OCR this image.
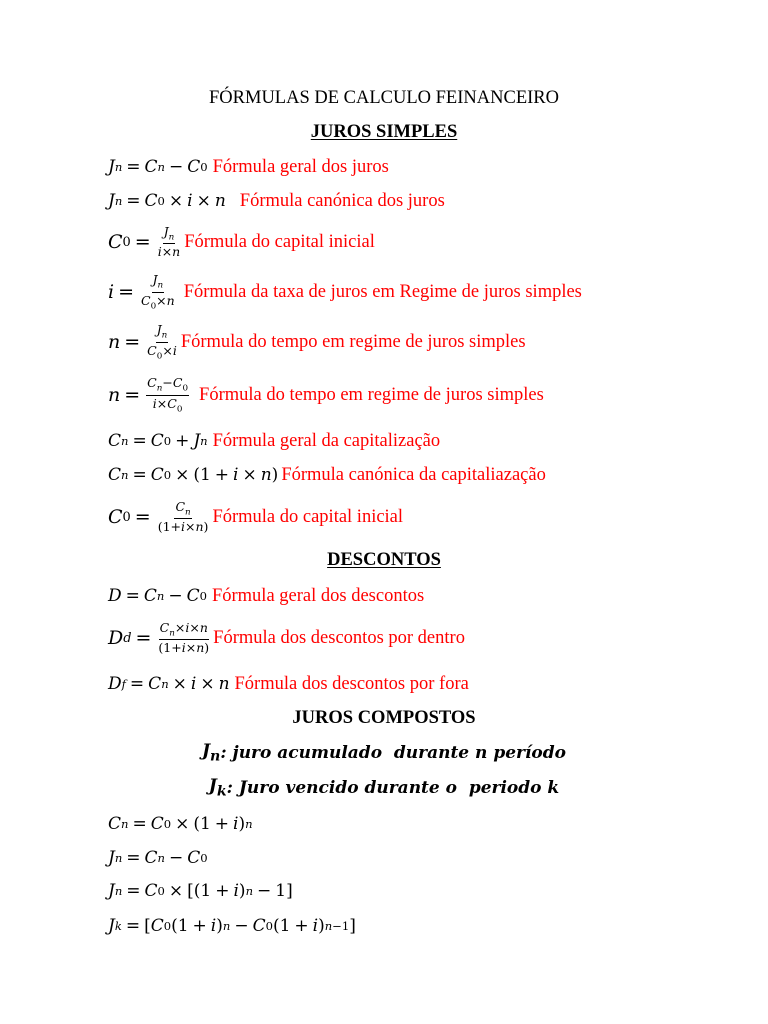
FÓRMULAS DE CALCULO FEINANCEIRO
JUROS SIMPLES
J n = C n − C 0 Fórmula geral dos juros
J n = C 0 × i × n Fórmula canónica dos juros
C $0 = \frac{J_n}{i\times n}$ Fórmula do capital inicial
$i = \frac{J_n}{C_0\times n}$ Fórmula da taxa de juros em Regime de juros simples
$n = \frac{J_n}{C_0\times i}$ Fórmula do tempo em regime de juros simples
$n = \frac{C_n-C_0}{i\times C_0}$ Fórmula do tempo em regime de juros simples
C n = C 0 + J n Fórmula geral da capitalização
C n = C 0 × (1 + i × n ) Fórmula canónica da capitaliazação
C $0 = \frac{C_n}{(1+i\times n)}$ Fórmula do capital inicial
DESCONTOS
D = C n − C 0 Fórmula geral dos descontos
D $d = \frac{C_n\times i\times n}{(1+i\times n)}$ Fórmula dos descontos por dentro
D f = C n × i × n Fórmula dos descontos por fora
JUROS COMPOSTOS
$J_n$ : juro acumulado  durante n período
$J_k$ : Juro vencido durante o  periodo k
C n = C 0 × (1 + i ) n
J n = C n − C 0
J n = C 0 × [(1 + i ) n − 1]
J k = [ C 0 (1 + i ) n − C 0 (1 + i ) n−1 ]
